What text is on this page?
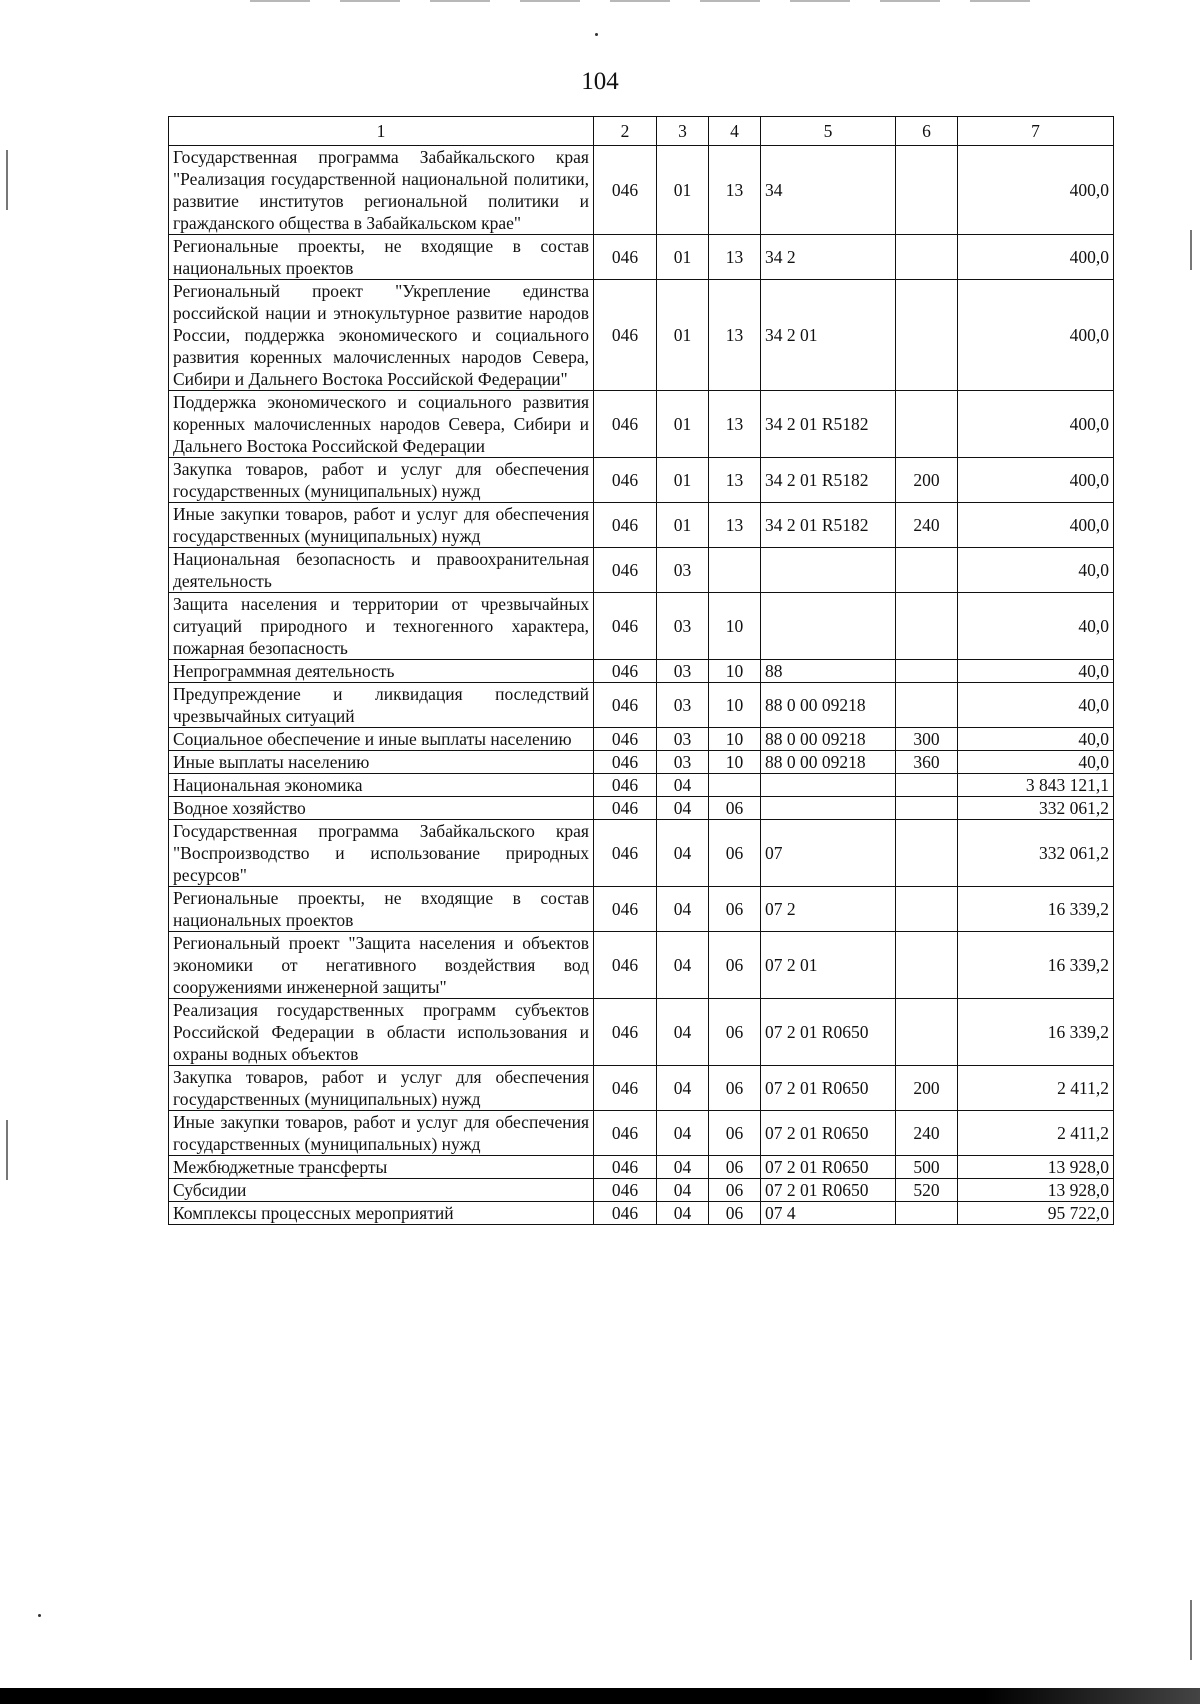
104
1	2	3	4	5	6	7
Государственная программа Забайкальского края "Реализация государственной национальной политики, развитие институтов региональной политики и гражданского общества в Забайкальском крае"	046	01	13	34		400,0
Региональные проекты, не входящие в состав национальных проектов	046	01	13	34 2		400,0
Региональный проект "Укрепление единства российской нации и этнокультурное развитие народов России, поддержка экономического и социального развития коренных малочисленных народов Севера, Сибири и Дальнего Востока Российской Федерации"	046	01	13	34 2 01		400,0
Поддержка экономического и социального развития коренных малочисленных народов Севера, Сибири и Дальнего Востока Российской Федерации	046	01	13	34 2 01 R5182		400,0
Закупка товаров, работ и услуг для обеспечения государственных (муниципальных) нужд	046	01	13	34 2 01 R5182	200	400,0
Иные закупки товаров, работ и услуг для обеспечения государственных (муниципальных) нужд	046	01	13	34 2 01 R5182	240	400,0
Национальная безопасность и правоохранительная деятельность	046	03				40,0
Защита населения и территории от чрезвычайных ситуаций природного и техногенного характера, пожарная безопасность	046	03	10			40,0
Непрограммная деятельность	046	03	10	88		40,0
Предупреждение и ликвидация последствий чрезвычайных ситуаций	046	03	10	88 0 00 09218		40,0
Социальное обеспечение и иные выплаты населению	046	03	10	88 0 00 09218	300	40,0
Иные выплаты населению	046	03	10	88 0 00 09218	360	40,0
Национальная экономика	046	04				3 843 121,1
Водное хозяйство	046	04	06			332 061,2
Государственная программа Забайкальского края "Воспроизводство и использование природных ресурсов"	046	04	06	07		332 061,2
Региональные проекты, не входящие в состав национальных проектов	046	04	06	07 2		16 339,2
Региональный проект "Защита населения и объектов экономики от негативного воздействия вод сооружениями инженерной защиты"	046	04	06	07 2 01		16 339,2
Реализация государственных программ субъектов Российской Федерации в области использования и охраны водных объектов	046	04	06	07 2 01 R0650		16 339,2
Закупка товаров, работ и услуг для обеспечения государственных (муниципальных) нужд	046	04	06	07 2 01 R0650	200	2 411,2
Иные закупки товаров, работ и услуг для обеспечения государственных (муниципальных) нужд	046	04	06	07 2 01 R0650	240	2 411,2
Межбюджетные трансферты	046	04	06	07 2 01 R0650	500	13 928,0
Субсидии	046	04	06	07 2 01 R0650	520	13 928,0
Комплексы процессных мероприятий	046	04	06	07 4		95 722,0
